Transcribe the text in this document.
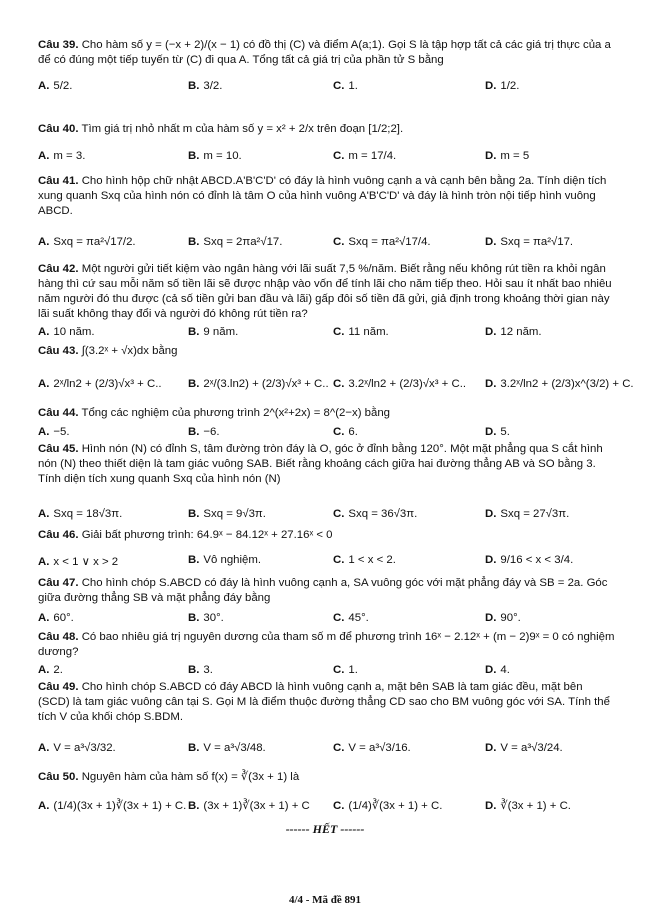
Câu 39. Cho hàm số y = (−x + 2)/(x − 1) có đồ thị (C) và điểm A(a;1). Gọi S là tập hợp tất cả các giá trị thực của a để có đúng một tiếp tuyến từ (C) đi qua A. Tổng tất cả giá trị của phần tử S bằng
A. 5/2.	B. 3/2.	C. 1.	D. 1/2.
Câu 40. Tìm giá trị nhỏ nhất m của hàm số y = x² + 2/x trên đoạn [1/2;2].
A. m = 3.	B. m = 10.	C. m = 17/4.	D. m = 5
Câu 41. Cho hình hộp chữ nhật ABCD.A'B'C'D' có đáy là hình vuông cạnh a và cạnh bên bằng 2a. Tính diện tích xung quanh Sxq của hình nón có đỉnh là tâm O của hình vuông A'B'C'D' và đáy là hình tròn nội tiếp hình vuông ABCD.
A. Sxq = πa²√17/2.	B. Sxq = 2πa²√17.	C. Sxq = πa²√17/4.	D. Sxq = πa²√17.
Câu 42. Một người gửi tiết kiệm vào ngân hàng với lãi suất 7,5 %/năm. Biết rằng nếu không rút tiền ra khỏi ngân hàng thì cứ sau mỗi năm số tiền lãi sẽ được nhập vào vốn để tính lãi cho năm tiếp theo. Hỏi sau ít nhất bao nhiêu năm người đó thu được (cả số tiền gửi ban đầu và lãi) gấp đôi số tiền đã gửi, giả định trong khoảng thời gian này lãi suất không thay đổi và người đó không rút tiền ra?
A. 10 năm.	B. 9 năm.	C. 11 năm.	D. 12 năm.
Câu 43. ∫(3.2ˣ + √x)dx bằng
A. 2ˣ/ln2 + (2/3)√x³ + C.. B. 2ˣ/(3.ln2) + (2/3)√x³ + C.. C. 3.2ˣ/ln2 + (2/3)√x³ + C.. D. 3.2ˣ/ln2 + (2/3)x^(3/2) + C.
Câu 44. Tổng các nghiệm của phương trình 2^(x²+2x) = 8^(2−x) bằng
A. −5.	B. −6.	C. 6.	D. 5.
Câu 45. Hình nón (N) có đỉnh S, tâm đường tròn đáy là O, góc ở đỉnh bằng 120°. Một mặt phẳng qua S cắt hình nón (N) theo thiết diện là tam giác vuông SAB. Biết rằng khoảng cách giữa hai đường thẳng AB và SO bằng 3. Tính diện tích xung quanh Sxq của hình nón (N)
A. Sxq = 18√3π.	B. Sxq = 9√3π.	C. Sxq = 36√3π.	D. Sxq = 27√3π.
Câu 46. Giải bất phương trình: 64.9ˣ − 84.12ˣ + 27.16ˣ < 0
A. x < 1 ∨ x > 2	B. Vô nghiệm.	C. 1 < x < 2.	D. 9/16 < x < 3/4.
Câu 47. Cho hình chóp S.ABCD có đáy là hình vuông cạnh a, SA vuông góc với mặt phẳng đáy và SB = 2a. Góc giữa đường thẳng SB và mặt phẳng đáy bằng
A. 60°.	B. 30°.	C. 45°.	D. 90°.
Câu 48. Có bao nhiêu giá trị nguyên dương của tham số m để phương trình 16ˣ − 2.12ˣ + (m − 2)9ˣ = 0 có nghiệm dương?
A. 2.	B. 3.	C. 1.	D. 4.
Câu 49. Cho hình chóp S.ABCD có đáy ABCD là hình vuông cạnh a, mặt bên SAB là tam giác đều, mặt bên (SCD) là tam giác vuông cân tại S. Gọi M là điểm thuộc đường thẳng CD sao cho BM vuông góc với SA. Tính thể tích V của khối chóp S.BDM.
A. V = a³√3/32.	B. V = a³√3/48.	C. V = a³√3/16.	D. V = a³√3/24.
Câu 50. Nguyên hàm của hàm số f(x) = ∛(3x + 1) là
A. (1/4)(3x + 1)∛(3x + 1) + C. B. (3x + 1)∛(3x + 1) + C C. (1/4)∛(3x + 1) + C.	D. ∛(3x + 1) + C.
------ HẾT ------
4/4 - Mã đề 891
